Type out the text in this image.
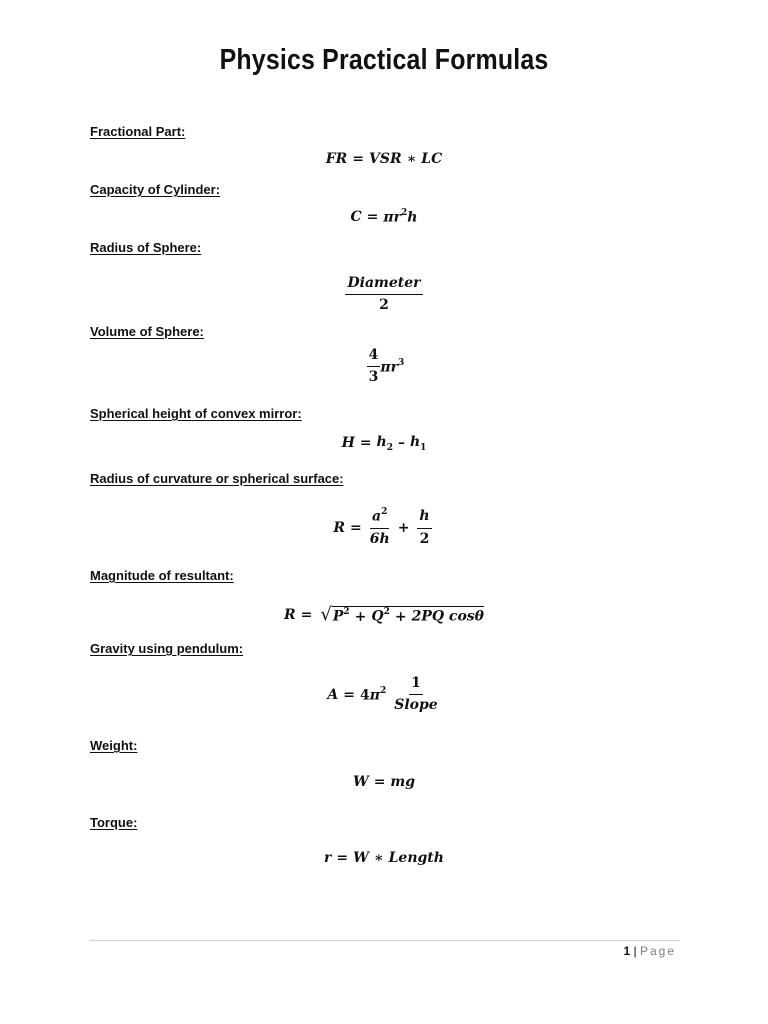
Physics Practical Formulas
Fractional Part:
FR = VSR ∗ LC
Capacity of Cylinder:
$C = \pi r^2h$
Radius of Sphere:
$\frac{\text{Diameter}}{2}$
Volume of Sphere:
$\frac{4}{3} \pi r^3$
Spherical height of convex mirror:
$H = h_2 - h_1$
Radius of curvature or spherical surface:
$R = \frac{a^2}{6h} + \frac{h}{2}$
Magnitude of resultant:
R = √ $P^2 + Q^2 + 2PQ$ cosθ
Gravity using pendulum:
$A = 4\pi^2 \frac{1}{\text{Slope}}$
Weight:
W = mg
Torque:
r = W ∗ Length
1 | Page
